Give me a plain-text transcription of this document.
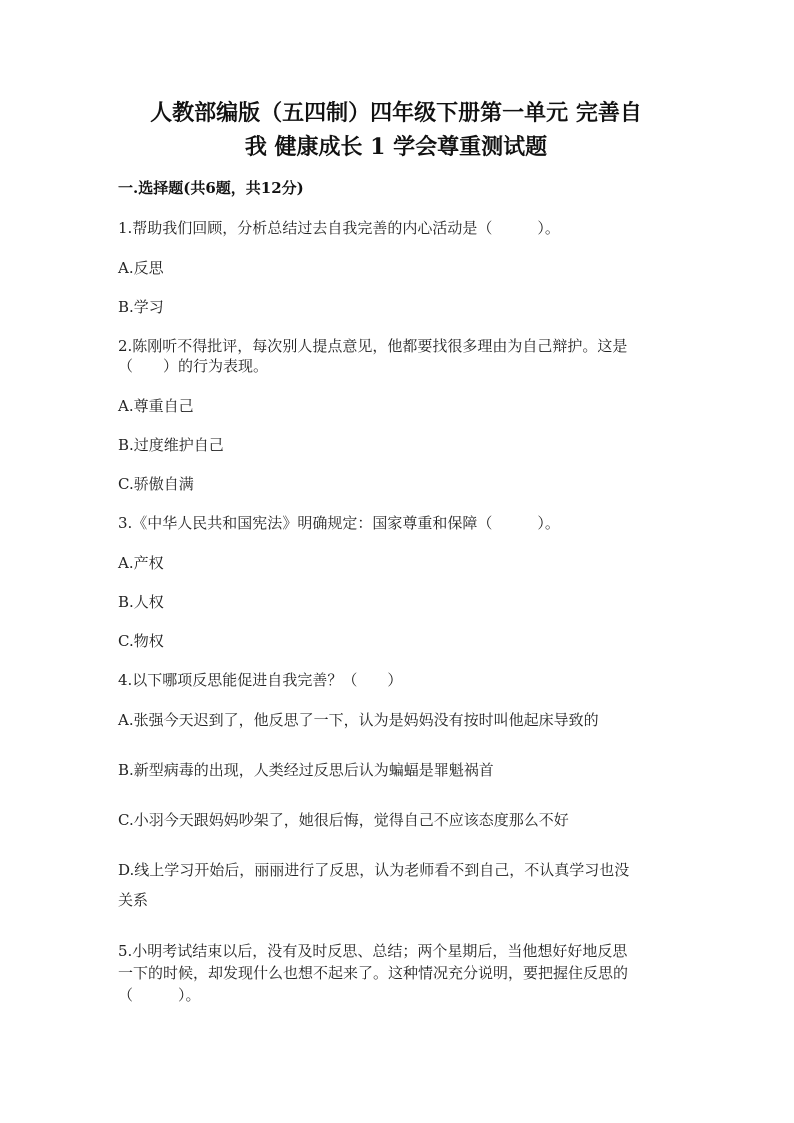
人教部编版（五四制）四年级下册第一单元 完善自
我 健康成长 1 学会尊重测试题
一.选择题(共6题，共12分)
1.帮助我们回顾，分析总结过去自我完善的内心活动是（　　　）。
A.反思
B.学习
2.陈刚听不得批评，每次别人提点意见，他都要找很多理由为自己辩护。这是
（　　）的行为表现。
A.尊重自己
B.过度维护自己
C.骄傲自满
3.《中华人民共和国宪法》明确规定：国家尊重和保障（　　　）。
A.产权
B.人权
C.物权
4.以下哪项反思能促进自我完善？（　　）
A.张强今天迟到了，他反思了一下，认为是妈妈没有按时叫他起床导致的
B.新型病毒的出现，人类经过反思后认为蝙蝠是罪魁祸首
C.小羽今天跟妈妈吵架了，她很后悔，觉得自己不应该态度那么不好
D.线上学习开始后，丽丽进行了反思，认为老师看不到自己，不认真学习也没
关系
5.小明考试结束以后，没有及时反思、总结；两个星期后，当他想好好地反思
一下的时候，却发现什么也想不起来了。这种情况充分说明，要把握住反思的
（　　　）。
